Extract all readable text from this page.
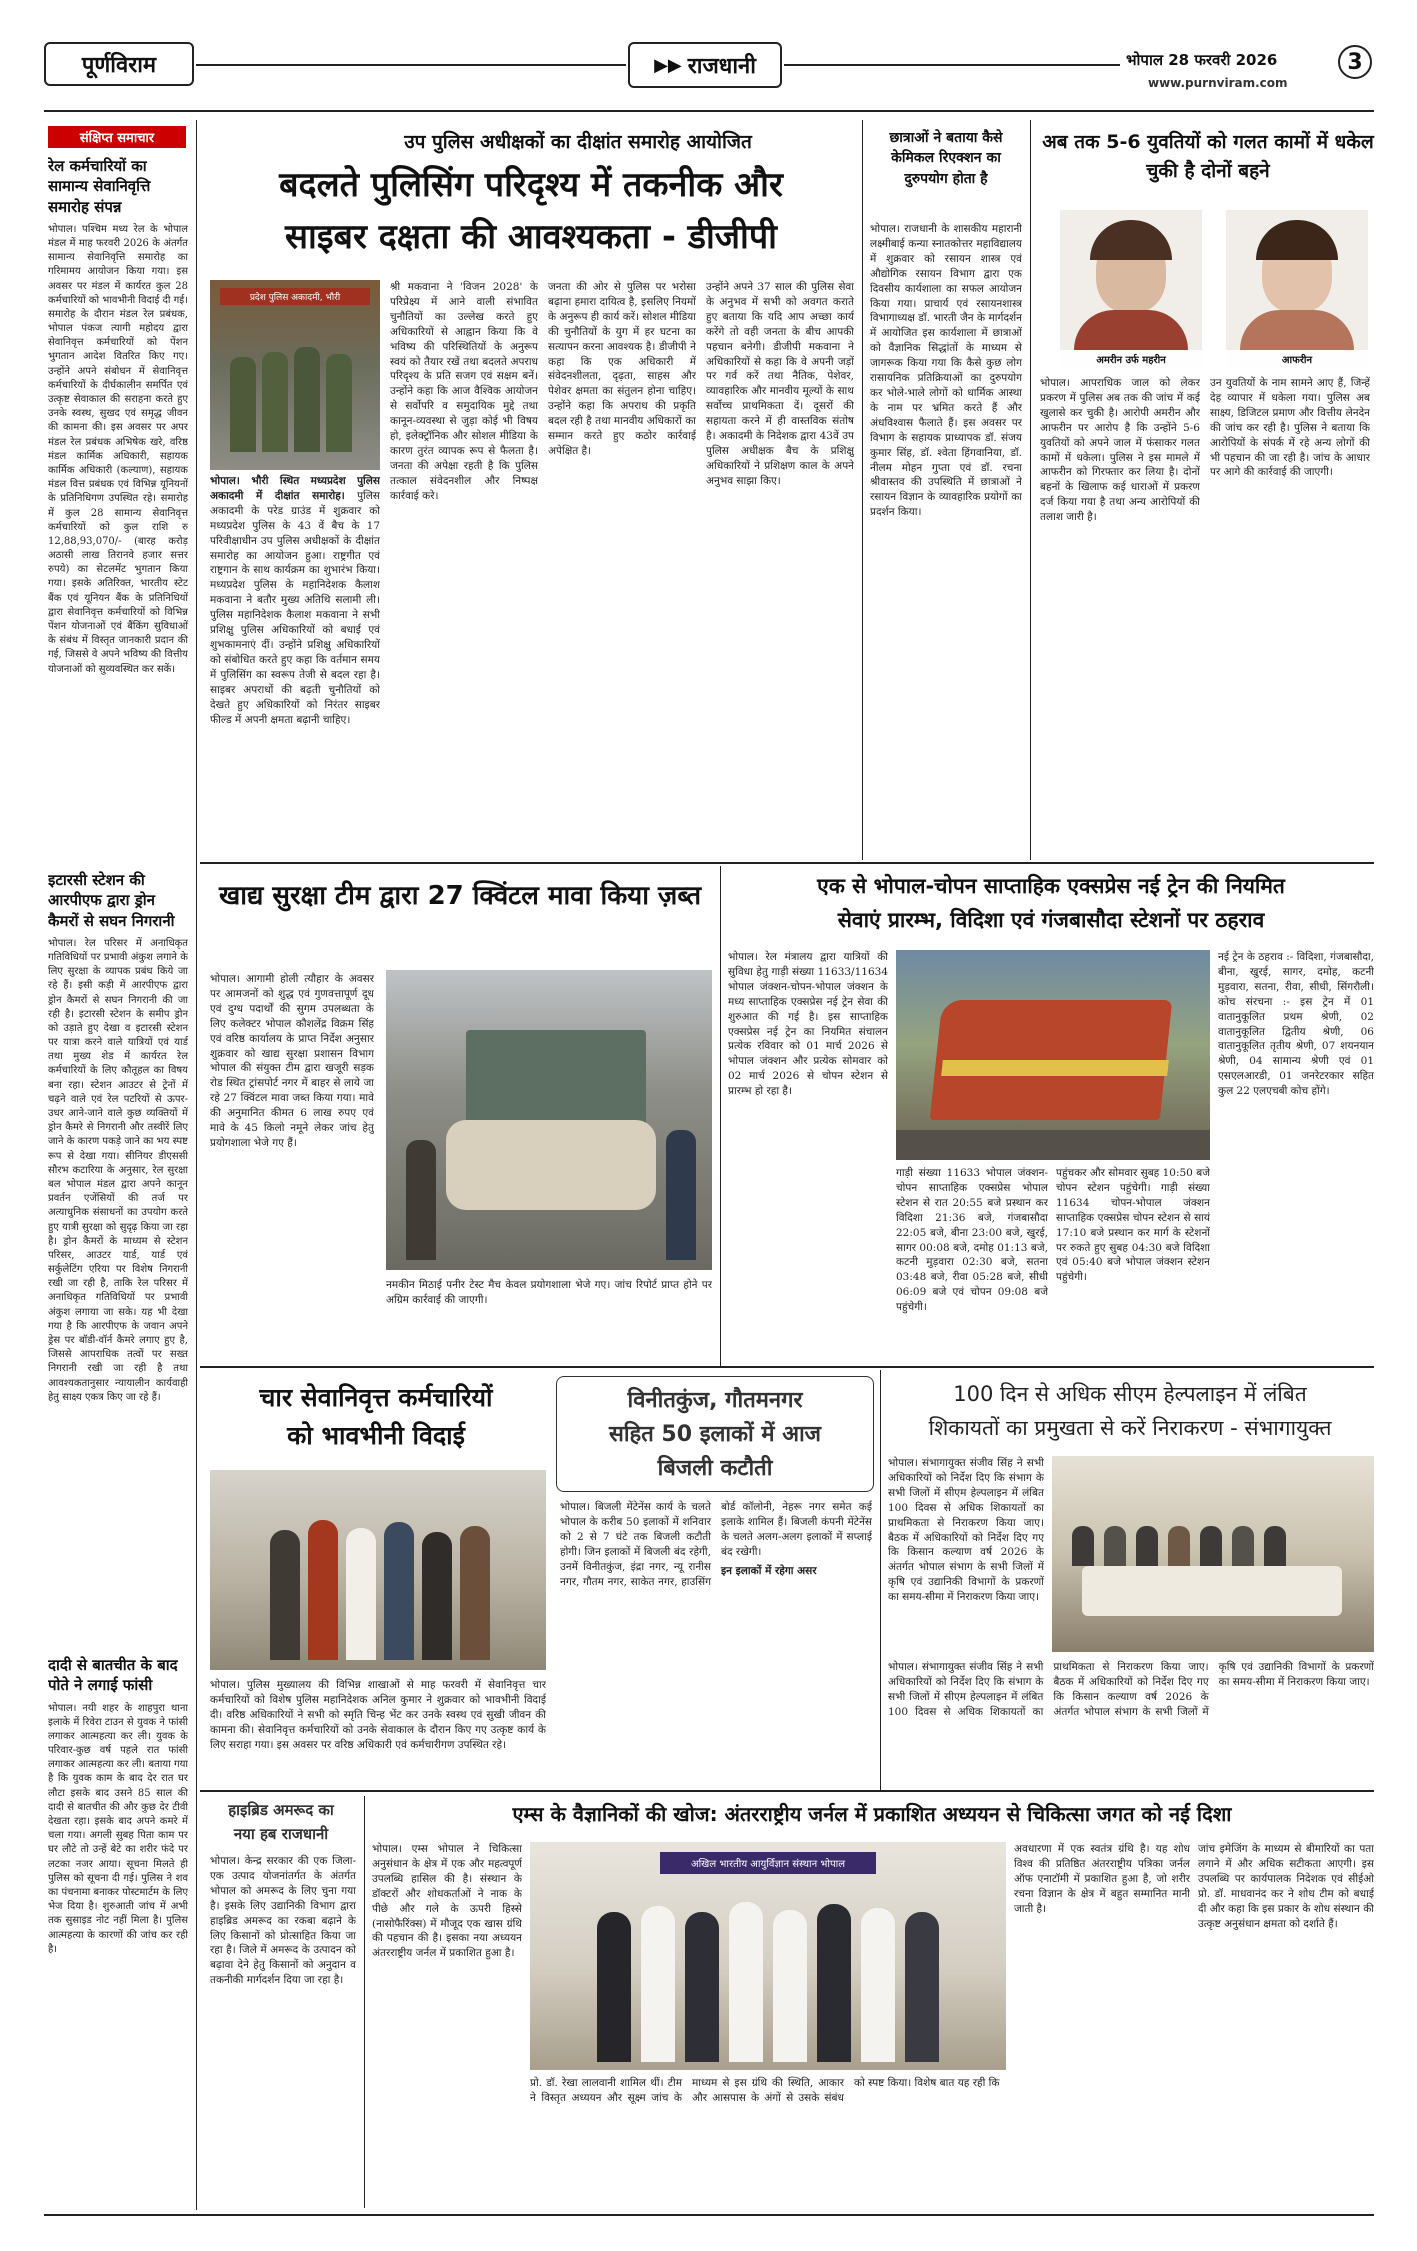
पूर्णविराम	▶▶ राजधानी	भोपाल 28 फरवरी 2026	3
www.purnviram.com
संक्षिप्त समाचार
रेल कर्मचारियों का सामान्य सेवानिवृत्ति समारोह संपन्न
भोपाल। पश्चिम मध्य रेल के भोपाल मंडल में माह फरवरी 2026 के अंतर्गत सामान्य सेवानिवृत्ति समारोह का गरिमामय आयोजन किया गया। इस अवसर पर मंडल में कार्यरत कुल 28 कर्मचारियों को भावभीनी विदाई दी गई। समारोह के दौरान मंडल रेल प्रबंधक, भोपाल पंकज त्यागी महोदय द्वारा सेवानिवृत्त कर्मचारियों को पेंशन भुगतान आदेश वितरित किए गए। उन्होंने अपने संबोधन में सेवानिवृत्त कर्मचारियों के दीर्घकालीन समर्पित एवं उत्कृष्ट सेवाकाल की सराहना करते हुए उनके स्वस्थ, सुखद एवं समृद्ध जीवन की कामना की। इस अवसर पर अपर मंडल रेल प्रबंधक अभिषेक खरे, वरिष्ठ मंडल कार्मिक अधिकारी, सहायक कार्मिक अधिकारी (कल्याण), सहायक मंडल वित्त प्रबंधक एवं विभिन्न यूनियनों के प्रतिनिधिगण उपस्थित रहे। समारोह में कुल 28 सामान्य सेवानिवृत्त कर्मचारियों को कुल राशि रु 12,88,93,070/- (बारह करोड़ अठासी लाख तिरानवे हजार सत्तर रुपये) का सेटलमेंट भुगतान किया गया। इसके अतिरिक्त, भारतीय स्टेट बैंक एवं यूनियन बैंक के प्रतिनिधियों द्वारा सेवानिवृत्त कर्मचारियों को विभिन्न पेंशन योजनाओं एवं बैंकिंग सुविधाओं के संबंध में विस्तृत जानकारी प्रदान की गई, जिससे वे अपने भविष्य की वित्तीय योजनाओं को सुव्यवस्थित कर सकें।
इटारसी स्टेशन की आरपीएफ द्वारा ड्रोन कैमरों से सघन निगरानी
भोपाल। रेल परिसर में अनाधिकृत गतिविधियों पर प्रभावी अंकुश लगाने के लिए सुरक्षा के व्यापक प्रबंध किये जा रहे हैं। इसी कड़ी में आरपीएफ द्वारा ड्रोन कैमरों से सघन निगरानी की जा रही है। इटारसी स्टेशन के समीप ड्रोन को उड़ाते हुए देखा व इटारसी स्टेशन पर यात्रा करने वाले यात्रियों एवं यार्ड तथा मुख्य शेड में कार्यरत रेल कर्मचारियों के लिए कौतूहल का विषय बना रहा। स्टेशन आउटर से ट्रेनों में चढ़ने वाले एवं रेल पटरियों से ऊपर-उधर आने-जाने वाले कुछ व्यक्तियों में ड्रोन कैमरे से निगरानी और तस्वीरें लिए जाने के कारण पकड़े जाने का भय स्पष्ट रूप से देखा गया। सीनियर डीएससी सौरभ कटारिया के अनुसार, रेल सुरक्षा बल भोपाल मंडल द्वारा अपने कानून प्रवर्तन एजेंसियों की तर्ज पर अत्याधुनिक संसाधनों का उपयोग करते हुए यात्री सुरक्षा को सुदृढ़ किया जा रहा है। ड्रोन कैमरों के माध्यम से स्टेशन परिसर, आउटर यार्ड, यार्ड एवं सर्कुलेटिंग एरिया पर विशेष निगरानी रखी जा रही है, ताकि रेल परिसर में अनाधिकृत गतिविधियों पर प्रभावी अंकुश लगाया जा सके। यह भी देखा गया है कि आरपीएफ के जवान अपने ड्रेस पर बॉडी-वॉर्न कैमरे लगाए हुए है, जिससे आपराधिक तत्वों पर सख्त निगरानी रखी जा रही है तथा आवश्यकतानुसार न्यायालीन कार्यवाही हेतु साक्ष्य एकत्र किए जा रहे हैं।
दादी से बातचीत के बाद पोते ने लगाई फांसी
भोपाल। नयी शहर के शाहपुरा थाना इलाके में रिवेरा टाउन से युवक ने फांसी लगाकर आत्महत्या कर ली। युवक के परिवार-कुछ वर्ष पहले रात फांसी लगाकर आत्महत्या कर ली। बताया गया है कि युवक काम के बाद देर रात घर लौटा इसके बाद उसने 85 साल की दादी से बातचीत की और कुछ देर टीवी देखता रहा। इसके बाद अपने कमरे में चला गया। अगली सुबह पिता काम पर घर लौटे तो उन्हें बेटे का शरीर फंदे पर लटका नजर आया। सूचना मिलते ही पुलिस को सूचना दी गई। पुलिस ने शव का पंचनामा बनाकर पोस्टमार्टम के लिए भेज दिया है। शुरुआती जांच में अभी तक सुसाइड नोट नहीं मिला है। पुलिस आत्महत्या के कारणों की जांच कर रही है।
उप पुलिस अधीक्षकों का दीक्षांत समारोह आयोजित
बदलते पुलिसिंग परिदृश्य में तकनीक और
साइबर दक्षता की आवश्यकता - डीजीपी
प्रदेश पुलिस अकादमी, भौरी
भोपाल। भौरी स्थित मध्यप्रदेश पुलिस अकादमी में दीक्षांत समारोह। पुलिस अकादमी के परेड ग्राउंड में शुक्रवार को मध्यप्रदेश पुलिस के 43 वें बैच के 17 परिवीक्षाधीन उप पुलिस अधीक्षकों के दीक्षांत समारोह का आयोजन हुआ। राष्ट्रगीत एवं राष्ट्रगान के साथ कार्यक्रम का शुभारंभ किया। मध्यप्रदेश पुलिस के महानिदेशक कैलाश मकवाना ने बतौर मुख्य अतिथि सलामी ली। पुलिस महानिदेशक कैलाश मकवाना ने सभी प्रशिक्षु पुलिस अधिकारियों को बधाई एवं शुभकामनाएं दीं। उन्होंने प्रशिक्षु अधिकारियों को संबोधित करते हुए कहा कि वर्तमान समय में पुलिसिंग का स्वरूप तेजी से बदल रहा है। साइबर अपराधों की बढ़ती चुनौतियों को देखते हुए अधिकारियों को निरंतर साइबर फील्ड में अपनी क्षमता बढ़ानी चाहिए।
श्री मकवाना ने 'विजन 2028' के परिप्रेक्ष्य में आने वाली संभावित चुनौतियों का उल्लेख करते हुए अधिकारियों से आह्वान किया कि वे भविष्य की परिस्थितियों के अनुरूप स्वयं को तैयार रखें तथा बदलते अपराध परिदृश्य के प्रति सजग एवं सक्षम बनें। उन्होंने कहा कि आज वैश्विक आयोजन से सर्वोपरि व समुदायिक मुद्दे तथा कानून-व्यवस्था से जुड़ा कोई भी विषय हो, इलेक्ट्रॉनिक और सोशल मीडिया के कारण तुरंत व्यापक रूप से फैलता है। जनता की अपेक्षा रहती है कि पुलिस तत्काल संवेदनशील और निष्पक्ष कार्रवाई करे।
जनता की ओर से पुलिस पर भरोसा बढ़ाना हमारा दायित्व है, इसलिए नियमों के अनुरूप ही कार्य करें। सोशल मीडिया की चुनौतियों के युग में हर घटना का सत्यापन करना आवश्यक है। डीजीपी ने कहा कि एक अधिकारी में संवेदनशीलता, दृढ़ता, साहस और पेशेवर क्षमता का संतुलन होना चाहिए। उन्होंने कहा कि अपराध की प्रकृति बदल रही है तथा मानवीय अधिकारों का सम्मान करते हुए कठोर कार्रवाई अपेक्षित है।
उन्होंने अपने 37 साल की पुलिस सेवा के अनुभव में सभी को अवगत कराते हुए बताया कि यदि आप अच्छा कार्य करेंगे तो वही जनता के बीच आपकी पहचान बनेगी। डीजीपी मकवाना ने अधिकारियों से कहा कि वे अपनी जड़ों पर गर्व करें तथा नैतिक, पेशेवर, व्यावहारिक और मानवीय मूल्यों के साथ सर्वोच्च प्राथमिकता दें। दूसरों की सहायता करने में ही वास्तविक संतोष है। अकादमी के निदेशक द्वारा 43वें उप पुलिस अधीक्षक बैच के प्रशिक्षु अधिकारियों ने प्रशिक्षण काल के अपने अनुभव साझा किए।
छात्राओं ने बताया कैसे केमिकल रिएक्शन का दुरुपयोग होता है
भोपाल। राजधानी के शासकीय महारानी लक्ष्मीबाई कन्या स्नातकोत्तर महाविद्यालय में शुक्रवार को रसायन शास्त्र एवं औद्योगिक रसायन विभाग द्वारा एक दिवसीय कार्यशाला का सफल आयोजन किया गया। प्राचार्य एवं रसायनशास्त्र विभागाध्यक्ष डॉ. भारती जैन के मार्गदर्शन में आयोजित इस कार्यशाला में छात्राओं को वैज्ञानिक सिद्धांतों के माध्यम से जागरूक किया गया कि कैसे कुछ लोग रासायनिक प्रतिक्रियाओं का दुरुपयोग कर भोले-भाले लोगों को धार्मिक आस्था के नाम पर भ्रमित करते हैं और अंधविश्वास फैलाते हैं। इस अवसर पर विभाग के सहायक प्राध्यापक डॉ. संजय कुमार सिंह, डॉ. श्वेता हिंगवानिया, डॉ. नीलम मोहन गुप्ता एवं डॉ. रचना श्रीवास्तव की उपस्थिति में छात्राओं ने रसायन विज्ञान के व्यावहारिक प्रयोगों का प्रदर्शन किया।
अब तक 5-6 युवतियों को गलत कामों में धकेल चुकी है दोनों बहने
अमरीन उर्फ महरीन	आफरीन
भोपाल। आपराधिक जाल को लेकर प्रकरण में पुलिस अब तक की जांच में कई खुलासे कर चुकी है। आरोपी अमरीन और आफरीन पर आरोप है कि उन्होंने 5-6 युवतियों को अपने जाल में फंसाकर गलत कामों में धकेला। पुलिस ने इस मामले में आफरीन को गिरफ्तार कर लिया है। दोनों बहनों के खिलाफ कई धाराओं में प्रकरण दर्ज किया गया है तथा अन्य आरोपियों की तलाश जारी है।
उन युवतियों के नाम सामने आए हैं, जिन्हें देह व्यापार में धकेला गया। पुलिस अब साक्ष्य, डिजिटल प्रमाण और वित्तीय लेनदेन की जांच कर रही है। पुलिस ने बताया कि आरोपियों के संपर्क में रहे अन्य लोगों की भी पहचान की जा रही है। जांच के आधार पर आगे की कार्रवाई की जाएगी।
खाद्य सुरक्षा टीम द्वारा 27 क्विंटल मावा किया ज़ब्त
भोपाल। आगामी होली त्यौहार के अवसर पर आमजनों को शुद्ध एवं गुणवत्तापूर्ण दूध एवं दुग्ध पदार्थों की सुगम उपलब्धता के लिए कलेक्टर भोपाल कौशलेंद्र विक्रम सिंह एवं वरिष्ठ कार्यालय के प्राप्त निर्देश अनुसार शुक्रवार को खाद्य सुरक्षा प्रशासन विभाग भोपाल की संयुक्त टीम द्वारा खजूरी सड़क रोड स्थित ट्रांसपोर्ट नगर में बाहर से लाये जा रहे 27 क्विंटल मावा जब्त किया गया। मावे की अनुमानित कीमत 6 लाख रुपए एवं मावे के 45 किलो नमूने लेकर जांच हेतु प्रयोगशाला भेजे गए हैं।
नमकीन मिठाई पनीर टेस्ट मैच केवल प्रयोगशाला भेजे गए। जांच रिपोर्ट प्राप्त होने पर अग्रिम कार्रवाई की जाएगी।
एक से भोपाल-चोपन साप्ताहिक एक्सप्रेस नई ट्रेन की नियमित
सेवाएं प्रारम्भ, विदिशा एवं गंजबासौदा स्टेशनों पर ठहराव
भोपाल। रेल मंत्रालय द्वारा यात्रियों की सुविधा हेतु गाड़ी संख्या 11633/11634 भोपाल जंक्शन-चोपन-भोपाल जंक्शन के मध्य साप्ताहिक एक्सप्रेस नई ट्रेन सेवा की शुरुआत की गई है। इस साप्ताहिक एक्सप्रेस नई ट्रेन का नियमित संचालन प्रत्येक रविवार को 01 मार्च 2026 से भोपाल जंक्शन और प्रत्येक सोमवार को 02 मार्च 2026 से चोपन स्टेशन से प्रारम्भ हो रहा है।
गाड़ी संख्या 11633 भोपाल जंक्शन-चोपन साप्ताहिक एक्सप्रेस भोपाल स्टेशन से रात 20:55 बजे प्रस्थान कर विदिशा 21:36 बजे, गंजबासौदा 22:05 बजे, बीना 23:00 बजे, खुरई, सागर 00:08 बजे, दमोह 01:13 बजे, कटनी मुड़वारा 02:30 बजे, सतना 03:48 बजे, रीवा 05:28 बजे, सीधी 06:09 बजे एवं चोपन 09:08 बजे पहुंचेगी।
पहुंचकर और सोमवार सुबह 10:50 बजे चोपन स्टेशन पहुंचेगी। गाड़ी संख्या 11634 चोपन-भोपाल जंक्शन साप्ताहिक एक्सप्रेस चोपन स्टेशन से सायं 17:10 बजे प्रस्थान कर मार्ग के स्टेशनों पर रुकते हुए सुबह 04:30 बजे विदिशा एवं 05:40 बजे भोपाल जंक्शन स्टेशन पहुंचेगी।
नई ट्रेन के ठहराव :- विदिशा, गंजबासौदा, बीना, खुरई, सागर, दमोह, कटनी मुड़वारा, सतना, रीवा, सीधी, सिंगरौली। कोच संरचना :- इस ट्रेन में 01 वातानुकूलित प्रथम श्रेणी, 02 वातानुकूलित द्वितीय श्रेणी, 06 वातानुकूलित तृतीय श्रेणी, 07 शयनयान श्रेणी, 04 सामान्य श्रेणी एवं 01 एसएलआरडी, 01 जनरेटरकार सहित कुल 22 एलएचबी कोच होंगे।
चार सेवानिवृत्त कर्मचारियों
को भावभीनी विदाई
भोपाल। पुलिस मुख्यालय की विभिन्न शाखाओं से माह फरवरी में सेवानिवृत्त चार कर्मचारियों को विशेष पुलिस महानिदेशक अनिल कुमार ने शुक्रवार को भावभीनी विदाई दी। वरिष्ठ अधिकारियों ने सभी को स्मृति चिन्ह भेंट कर उनके स्वस्थ एवं सुखी जीवन की कामना की। सेवानिवृत्त कर्मचारियों को उनके सेवाकाल के दौरान किए गए उत्कृष्ट कार्य के लिए सराहा गया। इस अवसर पर वरिष्ठ अधिकारी एवं कर्मचारीगण उपस्थित रहे।
विनीतकुंज, गौतमनगर
सहित 50 इलाकों में आज
बिजली कटौती
भोपाल। बिजली मेंटेनेंस कार्य के चलते भोपाल के करीब 50 इलाकों में शनिवार को 2 से 7 घंटे तक बिजली कटौती होगी। जिन इलाकों में बिजली बंद रहेगी, उनमें विनीतकुंज, इंद्रा नगर, न्यू रानीस नगर, गौतम नगर, साकेत नगर, हाउसिंग बोर्ड कॉलोनी, नेहरू नगर समेत कई इलाके शामिल हैं। बिजली कंपनी मेंटेनेंस के चलते अलग-अलग इलाकों में सप्लाई बंद रखेगी।
इन इलाकों में रहेगा असर
100 दिन से अधिक सीएम हेल्पलाइन में लंबित
शिकायतों का प्रमुखता से करें निराकरण - संभागायुक्त
भोपाल। संभागायुक्त संजीव सिंह ने सभी अधिकारियों को निर्देश दिए कि संभाग के सभी जिलों में सीएम हेल्पलाइन में लंबित 100 दिवस से अधिक शिकायतों का प्राथमिकता से निराकरण किया जाए। बैठक में अधिकारियों को निर्देश दिए गए कि किसान कल्याण वर्ष 2026 के अंतर्गत भोपाल संभाग के सभी जिलों में कृषि एवं उद्यानिकी विभागों के प्रकरणों का समय-सीमा में निराकरण किया जाए।
भोपाल। संभागायुक्त संजीव सिंह ने सभी अधिकारियों को निर्देश दिए कि संभाग के सभी जिलों में सीएम हेल्पलाइन में लंबित 100 दिवस से अधिक शिकायतों का प्राथमिकता से निराकरण किया जाए। बैठक में अधिकारियों को निर्देश दिए गए कि किसान कल्याण वर्ष 2026 के अंतर्गत भोपाल संभाग के सभी जिलों में कृषि एवं उद्यानिकी विभागों के प्रकरणों का समय-सीमा में निराकरण किया जाए।
हाइब्रिड अमरूद का
नया हब राजधानी
भोपाल। केन्द्र सरकार की एक जिला-एक उत्पाद योजनांतर्गत के अंतर्गत भोपाल को अमरूद के लिए चुना गया है। इसके लिए उद्यानिकी विभाग द्वारा हाइब्रिड अमरूद का रकबा बढ़ाने के लिए किसानों को प्रोत्साहित किया जा रहा है। जिले में अमरूद के उत्पादन को बढ़ावा देने हेतु किसानों को अनुदान व तकनीकी मार्गदर्शन दिया जा रहा है।
एम्स के वैज्ञानिकों की खोज: अंतरराष्ट्रीय जर्नल में प्रकाशित अध्ययन से चिकित्सा जगत को नई दिशा
भोपाल। एम्स भोपाल ने चिकित्सा अनुसंधान के क्षेत्र में एक और महत्वपूर्ण उपलब्धि हासिल की है। संस्थान के डॉक्टरों और शोधकर्ताओं ने नाक के पीछे और गले के ऊपरी हिस्से (नासोफैरिंक्स) में मौजूद एक खास ग्रंथि की पहचान की है। इसका नया अध्ययन अंतरराष्ट्रीय जर्नल में प्रकाशित हुआ है।
अखिल भारतीय आयुर्विज्ञान संस्थान भोपाल
प्रो. डॉ. रेखा लालवानी शामिल थीं। टीम ने विस्तृत अध्ययन और सूक्ष्म जांच के माध्यम से इस ग्रंथि की स्थिति, आकार और आसपास के अंगों से उसके संबंध को स्पष्ट किया। विशेष बात यह रही कि
अवधारणा में एक स्वतंत्र ग्रंथि है। यह शोध विश्व की प्रतिष्ठित अंतरराष्ट्रीय पत्रिका जर्नल ऑफ एनाटॉमी में प्रकाशित हुआ है, जो शरीर रचना विज्ञान के क्षेत्र में बहुत सम्मानित मानी जाती है।
जांच इमेजिंग के माध्यम से बीमारियों का पता लगाने में और अधिक सटीकता आएगी। इस उपलब्धि पर कार्यपालक निदेशक एवं सीईओ प्रो. डॉ. माधवानंद कर ने शोध टीम को बधाई दी और कहा कि इस प्रकार के शोध संस्थान की उत्कृष्ट अनुसंधान क्षमता को दर्शाते हैं।
